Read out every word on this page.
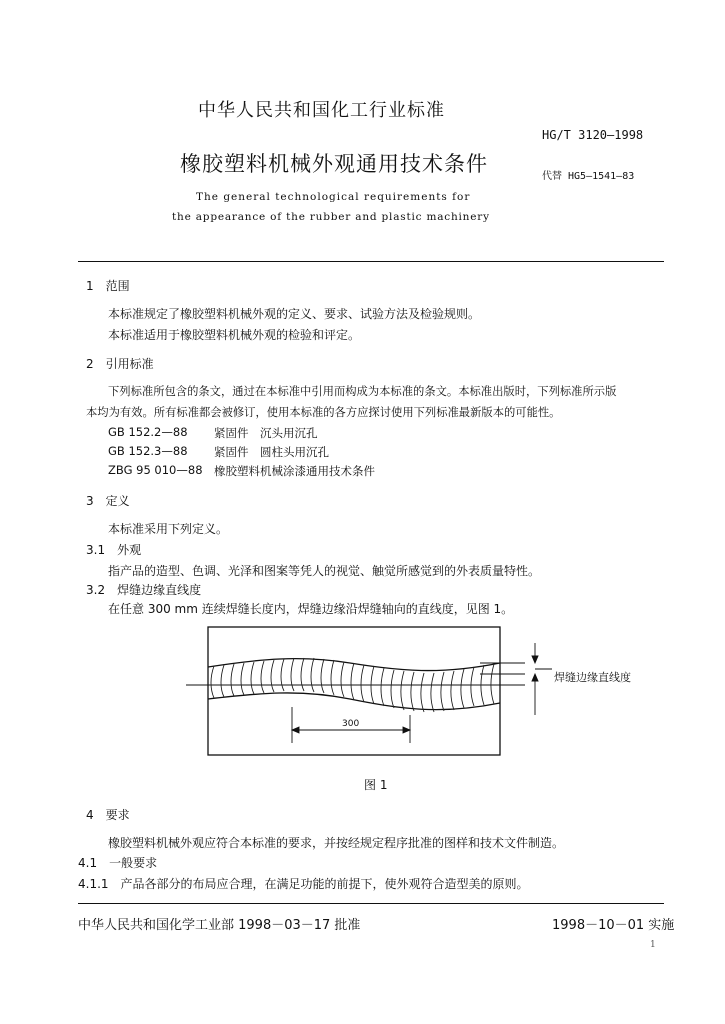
中华人民共和国化工行业标准
HG/T 3120—1998
橡胶塑料机械外观通用技术条件
代替 HG5—1541—83
The general technological requirements for
the appearance of the rubber and plastic machinery
1　范围
本标准规定了橡胶塑料机械外观的定义、要求、试验方法及检验规则。
本标准适用于橡胶塑料机械外观的检验和评定。
2　引用标准
下列标准所包含的条文，通过在本标准中引用而构成为本标准的条文。本标准出版时，下列标准所示版
本均为有效。所有标准都会被修订，使用本标准的各方应探讨使用下列标准最新版本的可能性。
GB 152.2—88 紧固件　沉头用沉孔
GB 152.3—88 紧固件　圆柱头用沉孔
ZBG 95 010—88 橡胶塑料机械涂漆通用技术条件
3　定义
本标准采用下列定义。
3.1　外观
指产品的造型、色调、光泽和图案等凭人的视觉、触觉所感觉到的外表质量特性。
3.2　焊缝边缘直线度
在任意 300 mm 连续焊缝长度内，焊缝边缘沿焊缝轴向的直线度，见图 1。
300
焊缝边缘直线度
图 1
4　要求
橡胶塑料机械外观应符合本标准的要求，并按经规定程序批准的图样和技术文件制造。
4.1　一般要求
4.1.1　产品各部分的布局应合理，在满足功能的前提下，使外观符合造型美的原则。
中华人民共和国化学工业部 1998－03－17 批准	1998－10－01 实施
1
